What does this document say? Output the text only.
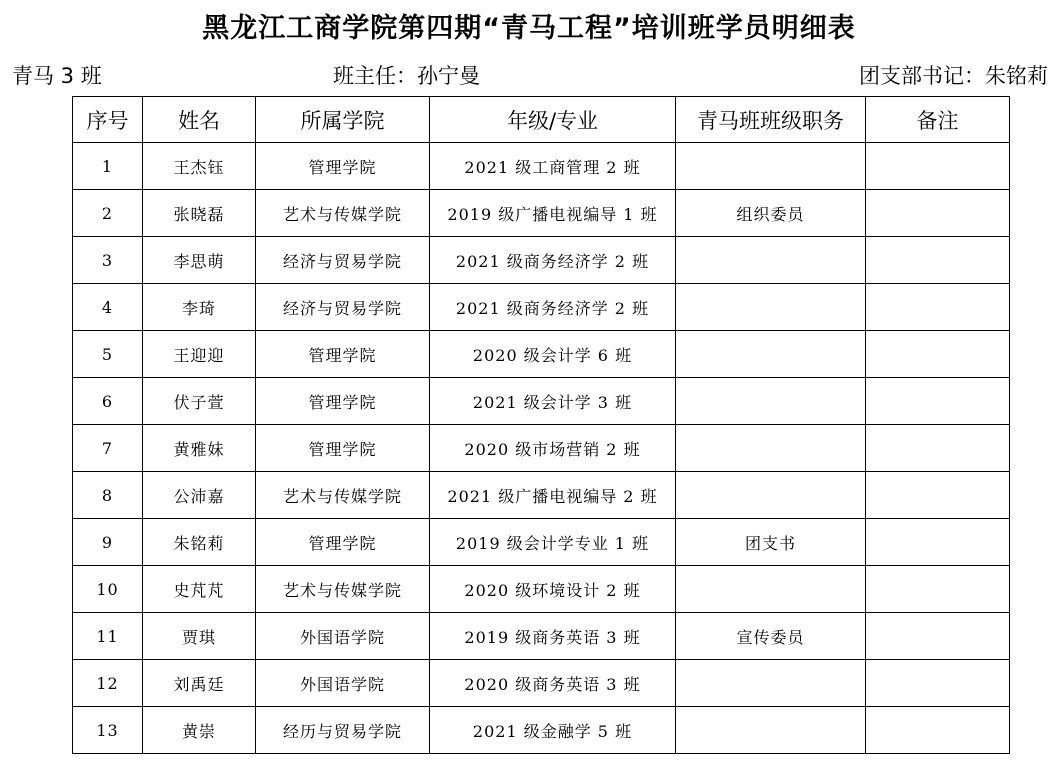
黑龙江工商学院第四期“青马工程”培训班学员明细表
青马 3 班	班主任：孙宁曼	团支部书记：朱铭莉
序号	姓名	所属学院	年级/专业	青马班班级职务	备注
1	王杰钰	管理学院	2021 级工商管理 2 班		
2	张晓磊	艺术与传媒学院	2019 级广播电视编导 1 班	组织委员	
3	李思萌	经济与贸易学院	2021 级商务经济学 2 班		
4	李琦	经济与贸易学院	2021 级商务经济学 2 班		
5	王迎迎	管理学院	2020 级会计学 6 班		
6	伏子萱	管理学院	2021 级会计学 3 班		
7	黄雅妹	管理学院	2020 级市场营销 2 班		
8	公沛嘉	艺术与传媒学院	2021 级广播电视编导 2 班		
9	朱铭莉	管理学院	2019 级会计学专业 1 班	团支书	
10	史芃芃	艺术与传媒学院	2020 级环境设计 2 班		
11	贾琪	外国语学院	2019 级商务英语 3 班	宣传委员	
12	刘禹廷	外国语学院	2020 级商务英语 3 班		
13	黄崇	经历与贸易学院	2021 级金融学 5 班		
